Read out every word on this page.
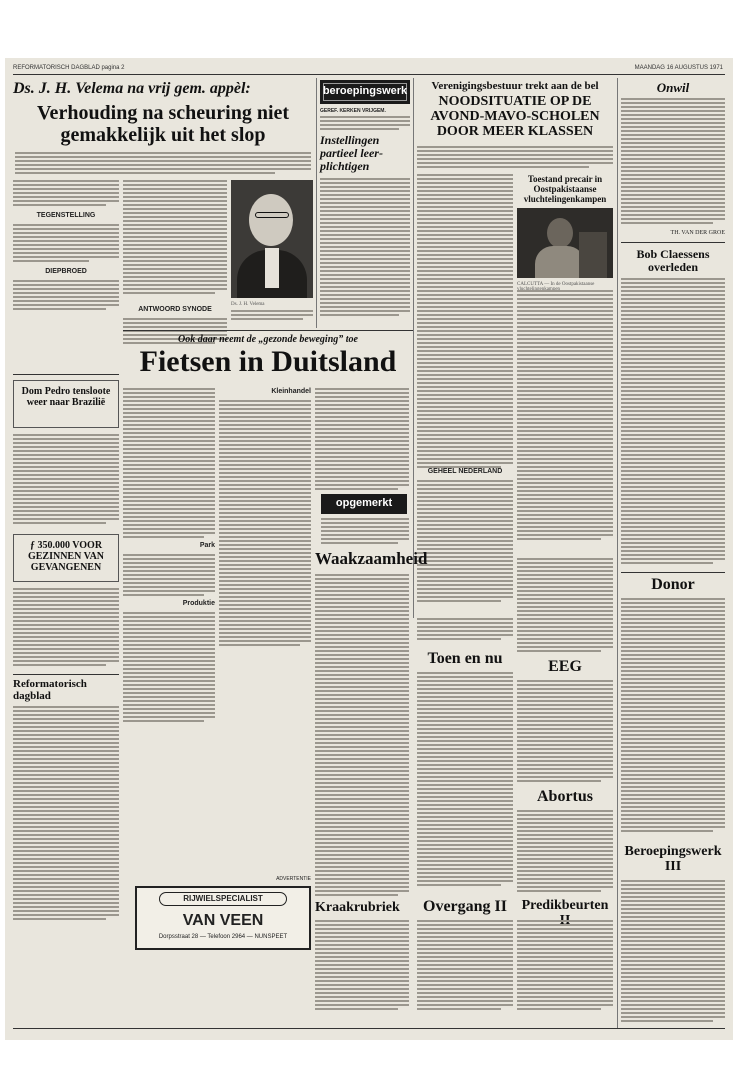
REFORMATORISCH DAGBLAD pagina 2	MAANDAG 16 AUGUSTUS 1971
Ds. J. H. Velema na vrij gem. appèl:
Verhouding na scheuring niet gemakkelijk uit het slop
TEGENSTELLING
DIEPBROED
ANTWOORD SYNODE
Ds. J. H. Velema
beroepingswerk
GEREF. KERKEN VRIJGEM.
Instellingen partieel leer-plichtigen
Verenigingsbestuur trekt aan de bel
NOODSITUATIE OP DE AVOND-MAVO-SCHOLEN DOOR MEER KLASSEN
GEHEEL NEDERLAND
Toestand precair in Oostpakistaanse vluchtelingenkampen
CALCUTTA — In de Oostpakistaanse
Onwil
TH. VAN DER GROE
Bob Claessens overleden
Dom Pedro tensloote weer naar Brazilië
ƒ 350.000 VOOR GEZINNEN VAN GEVANGENEN
Reformatorisch dagblad
Ook daar neemt de „gezonde beweging” toe
Fietsen in Duitsland
Park
Produktie
Kleinhandel
opgemerkt
Waakzaamheid
Kraakrubriek
Toen en nu
Overgang II
EEG
Abortus
Predikbeurten
Donor
Beroepingswerk III
ADVERTENTIE
RIJWIELSPECIALIST
VAN VEEN
Dorpsstraat 28 — Telefoon 2964 — NUNSPEET
